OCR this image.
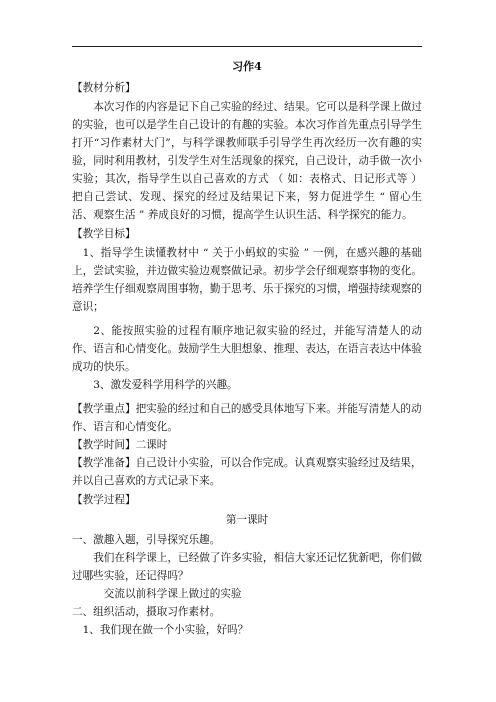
习作4
【教材分析】

本次习作的内容是记下自己实验的经过、结果。它可以是科学课上做过的实验，也可以是学生自己设计的有趣的实验。本次习作首先重点引导学生打开“习作素材大门”，与科学课教师联手引导学生再次经历一次有趣的实验，同时利用教材，引发学生对生活现象的探究，自己设计，动手做一次小实验；其次，指导学生以自己喜欢的方式 （ 如：表格式、日记形式等 ） 把自己尝试、发现、探究的经过及结果记下来，努力促进学生 “ 留心生活、观察生活 ” 养成良好的习惯，提高学生认识生活、科学探究的能力。

【教学目标】

1、指导学生读懂教材中 “ 关于小蚂蚁的实验 ” 一例，在感兴趣的基础上，尝试实验，并边做实验边观察做记录。初步学会仔细观察事物的变化。培养学生仔细观察周围事物，勤于思考、乐于探究的习惯，增强持续观察的意识；

2、能按照实验的过程有顺序地记叙实验的经过，并能写清楚人的动作、语言和心情变化。鼓励学生大胆想象、推理、表达，在语言表达中体验成功的快乐。

3、激发爱科学用科学的兴趣。

【教学重点】把实验的经过和自己的感受具体地写下来。并能写清楚人的动作、语言和心情变化。

【教学时间】二课时

【教学准备】自己设计小实验，可以合作完成。认真观察实验经过及结果，并以自己喜欢的方式记录下来。

【教学过程】
第一课时

一、激趣入题，引导探究乐趣。

我们在科学课上，已经做了许多实验，相信大家还记忆犹新吧，你们做过哪些实验，还记得吗？

交流以前科学课上做过的实验

二、组织活动，摄取习作素材。

1、我们现在做一个小实验，好吗？
